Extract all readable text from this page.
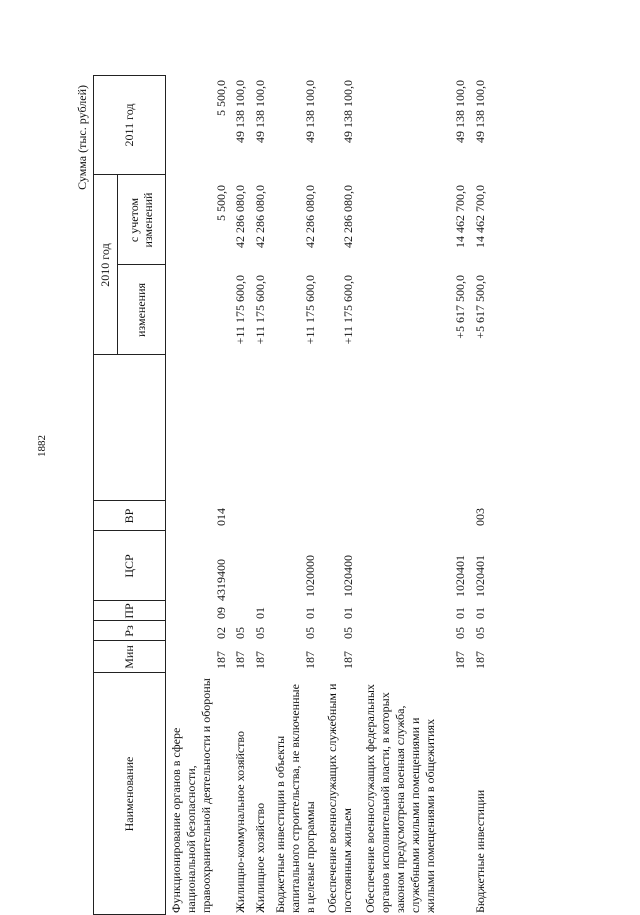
1882
Сумма (тыс. рублей)
Наименование
Мин
Рз
ПР
ЦСР
ВР
2010 год
изменения
с учетом изменений
2011 год
Функционирование органов в сфере национальной безопасности, правоохранительной деятельности и обороны
187
02
09
4319400
014
5 500,0
5 500,0
Жилищно-коммунальное хозяйство
187
05
+11 175 600,0
42 286 080,0
49 138 100,0
Жилищное хозяйство
187
05
01
+11 175 600,0
42 286 080,0
49 138 100,0
Бюджетные инвестиции в объекты капитального строительства, не включенные в целевые программы
187
05
01
1020000
+11 175 600,0
42 286 080,0
49 138 100,0
Обеспечение военнослужащих служебным и постоянным жильем
187
05
01
1020400
+11 175 600,0
42 286 080,0
49 138 100,0
Обеспечение военнослужащих федеральных органов исполнительной власти, в которых законом предусмотрена военная служба, служебными жилыми помещениями и жилыми помещениями в общежитиях
187
05
01
1020401
+5 617 500,0
14 462 700,0
49 138 100,0
Бюджетные инвестиции
187
05
01
1020401
003
+5 617 500,0
14 462 700,0
49 138 100,0
